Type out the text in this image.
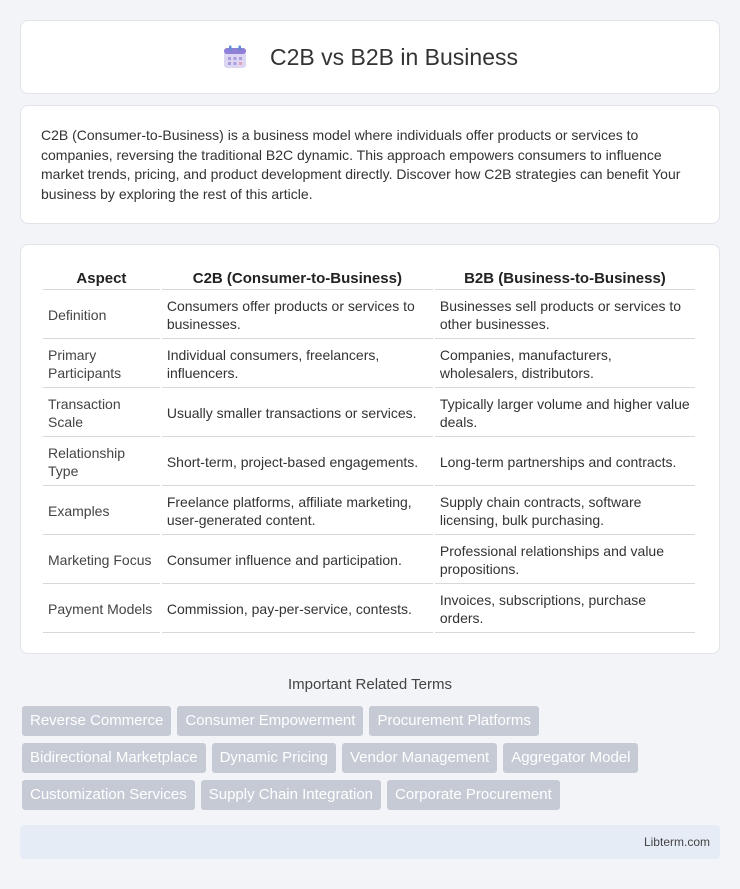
C2B vs B2B in Business

C2B (Consumer-to-Business) is a business model where individuals offer products or services to companies, reversing the traditional B2C dynamic. This approach empowers consumers to influence market trends, pricing, and product development directly. Discover how C2B strategies can benefit Your business by exploring the rest of this article.

Aspect	C2B (Consumer-to-Business)	B2B (Business-to-Business)
Definition	Consumers offer products or services to businesses.	Businesses sell products or services to other businesses.
Primary Participants	Individual consumers, freelancers, influencers.	Companies, manufacturers, wholesalers, distributors.
Transaction Scale	Usually smaller transactions or services.	Typically larger volume and higher value deals.
Relationship Type	Short-term, project-based engagements.	Long-term partnerships and contracts.
Examples	Freelance platforms, affiliate marketing, user-generated content.	Supply chain contracts, software licensing, bulk purchasing.
Marketing Focus	Consumer influence and participation.	Professional relationships and value propositions.
Payment Models	Commission, pay-per-service, contests.	Invoices, subscriptions, purchase orders.
Important Related Terms
Reverse Commerce	Consumer Empowerment	Procurement Platforms
Bidirectional Marketplace	Dynamic Pricing	Vendor Management	Aggregator Model
Customization Services	Supply Chain Integration	Corporate Procurement
Libterm.com
